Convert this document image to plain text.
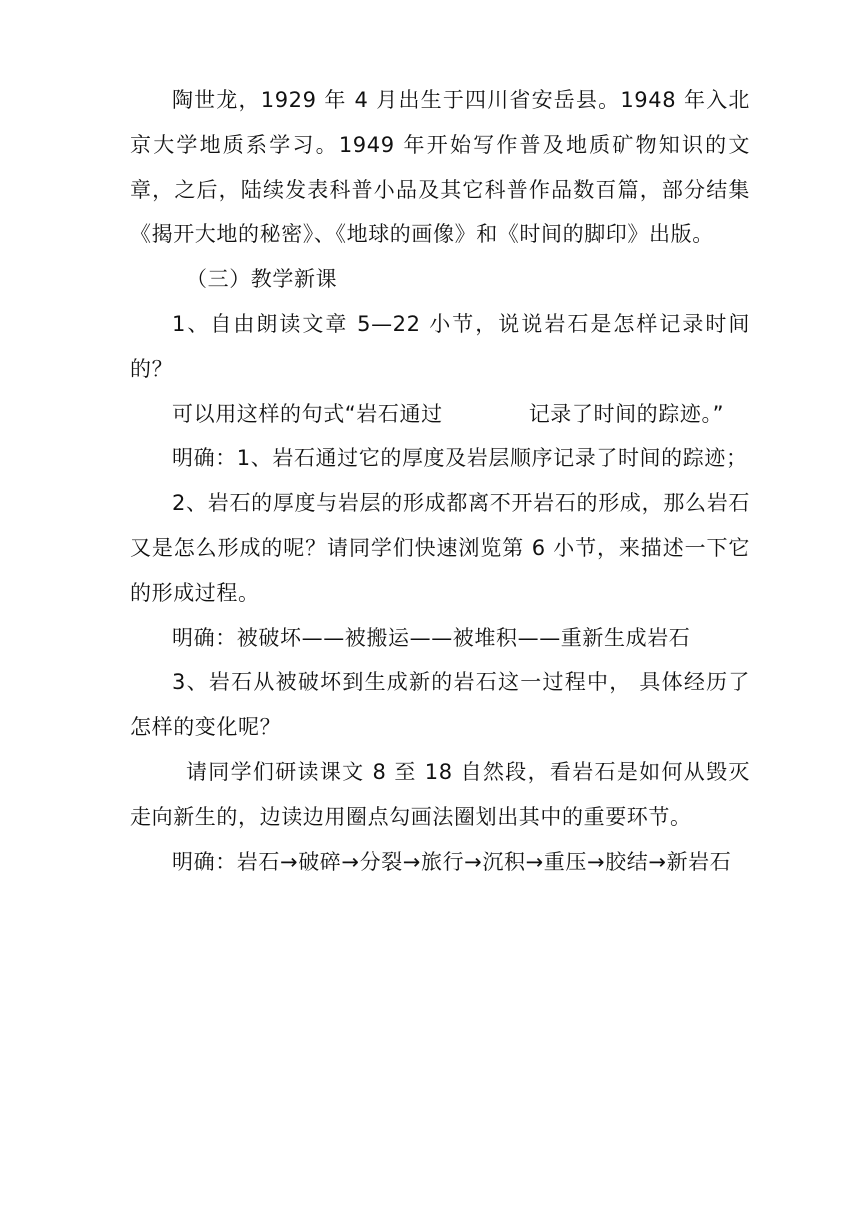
陶世龙，1929 年 4 月出生于四川省安岳县。1948 年入北京大学地质系学习。1949 年开始写作普及地质矿物知识的文章，之后，陆续发表科普小品及其它科普作品数百篇，部分结集《揭开大地的秘密》、《地球的画像》和《时间的脚印》出版。

（三）教学新课

1、自由朗读文章 5—22 小节，说说岩石是怎样记录时间的？

可以用这样的句式“岩石通过	记录了时间的踪迹。”

明确：1、岩石通过它的厚度及岩层顺序记录了时间的踪迹；

2、岩石的厚度与岩层的形成都离不开岩石的形成，那么岩石又是怎么形成的呢？请同学们快速浏览第 6 小节，来描述一下它的形成过程。

明确：被破坏——被搬运——被堆积——重新生成岩石

3、岩石从被破坏到生成新的岩石这一过程中， 具体经历了怎样的变化呢？

请同学们研读课文 8 至 18 自然段，看岩石是如何从毁灭走向新生的，边读边用圈点勾画法圈划出其中的重要环节。

明确：岩石→破碎→分裂→旅行→沉积→重压→胶结→新岩石
